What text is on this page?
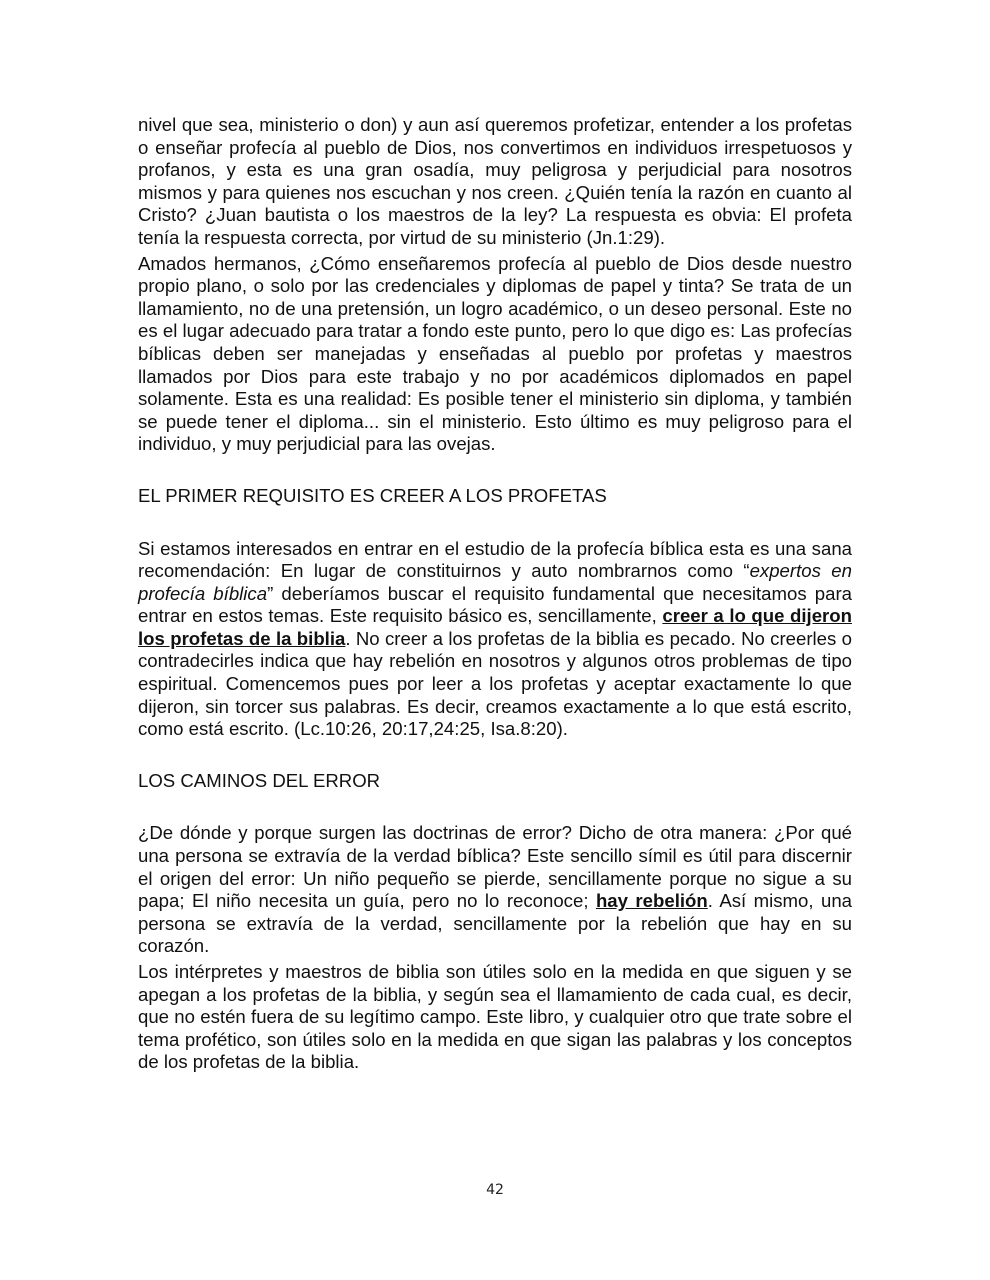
nivel que sea, ministerio o don) y aun así queremos profetizar, entender a los profetas o enseñar profecía al pueblo de Dios, nos convertimos en individuos irrespetuosos y profanos, y esta es una gran osadía, muy peligrosa y perjudicial para nosotros mismos y para quienes nos escuchan y nos creen. ¿Quién tenía la razón en cuanto al Cristo? ¿Juan bautista o los maestros de la ley? La respuesta es obvia: El profeta tenía la respuesta correcta, por virtud de su ministerio (Jn.1:29).

Amados hermanos, ¿Cómo enseñaremos profecía al pueblo de Dios desde nuestro propio plano, o solo por las credenciales y diplomas de papel y tinta? Se trata de un llamamiento, no de una pretensión, un logro académico, o un deseo personal. Este no es el lugar adecuado para tratar a fondo este punto, pero lo que digo es: Las profecías bíblicas deben ser manejadas y enseñadas al pueblo por profetas y maestros llamados por Dios para este trabajo y no por académicos diplomados en papel solamente. Esta es una realidad: Es posible tener el ministerio sin diploma, y también se puede tener el diploma... sin el ministerio. Esto último es muy peligroso para el individuo, y muy perjudicial para las ovejas.

EL PRIMER REQUISITO ES CREER A LOS PROFETAS

Si estamos interesados en entrar en el estudio de la profecía bíblica esta es una sana recomendación: En lugar de constituirnos y auto nombrarnos como “expertos en profecía bíblica” deberíamos buscar el requisito fundamental que necesitamos para entrar en estos temas. Este requisito básico es, sencillamente, creer a lo que dijeron los profetas de la biblia. No creer a los profetas de la biblia es pecado. No creerles o contradecirles indica que hay rebelión en nosotros y algunos otros problemas de tipo espiritual. Comencemos pues por leer a los profetas y aceptar exactamente lo que dijeron, sin torcer sus palabras. Es decir, creamos exactamente a lo que está escrito, como está escrito. (Lc.10:26, 20:17,24:25, Isa.8:20).

LOS CAMINOS DEL ERROR

¿De dónde y porque surgen las doctrinas de error? Dicho de otra manera: ¿Por qué una persona se extravía de la verdad bíblica? Este sencillo símil es útil para discernir el origen del error: Un niño pequeño se pierde, sencillamente porque no sigue a su papa; El niño necesita un guía, pero no lo reconoce; hay rebelión. Así mismo, una persona se extravía de la verdad, sencillamente por la rebelión que hay en su corazón.

Los intérpretes y maestros de biblia son útiles solo en la medida en que siguen y se apegan a los profetas de la biblia, y según sea el llamamiento de cada cual, es decir, que no estén fuera de su legítimo campo. Este libro, y cualquier otro que trate sobre el tema profético, son útiles solo en la medida en que sigan las palabras y los conceptos de los profetas de la biblia.

42
